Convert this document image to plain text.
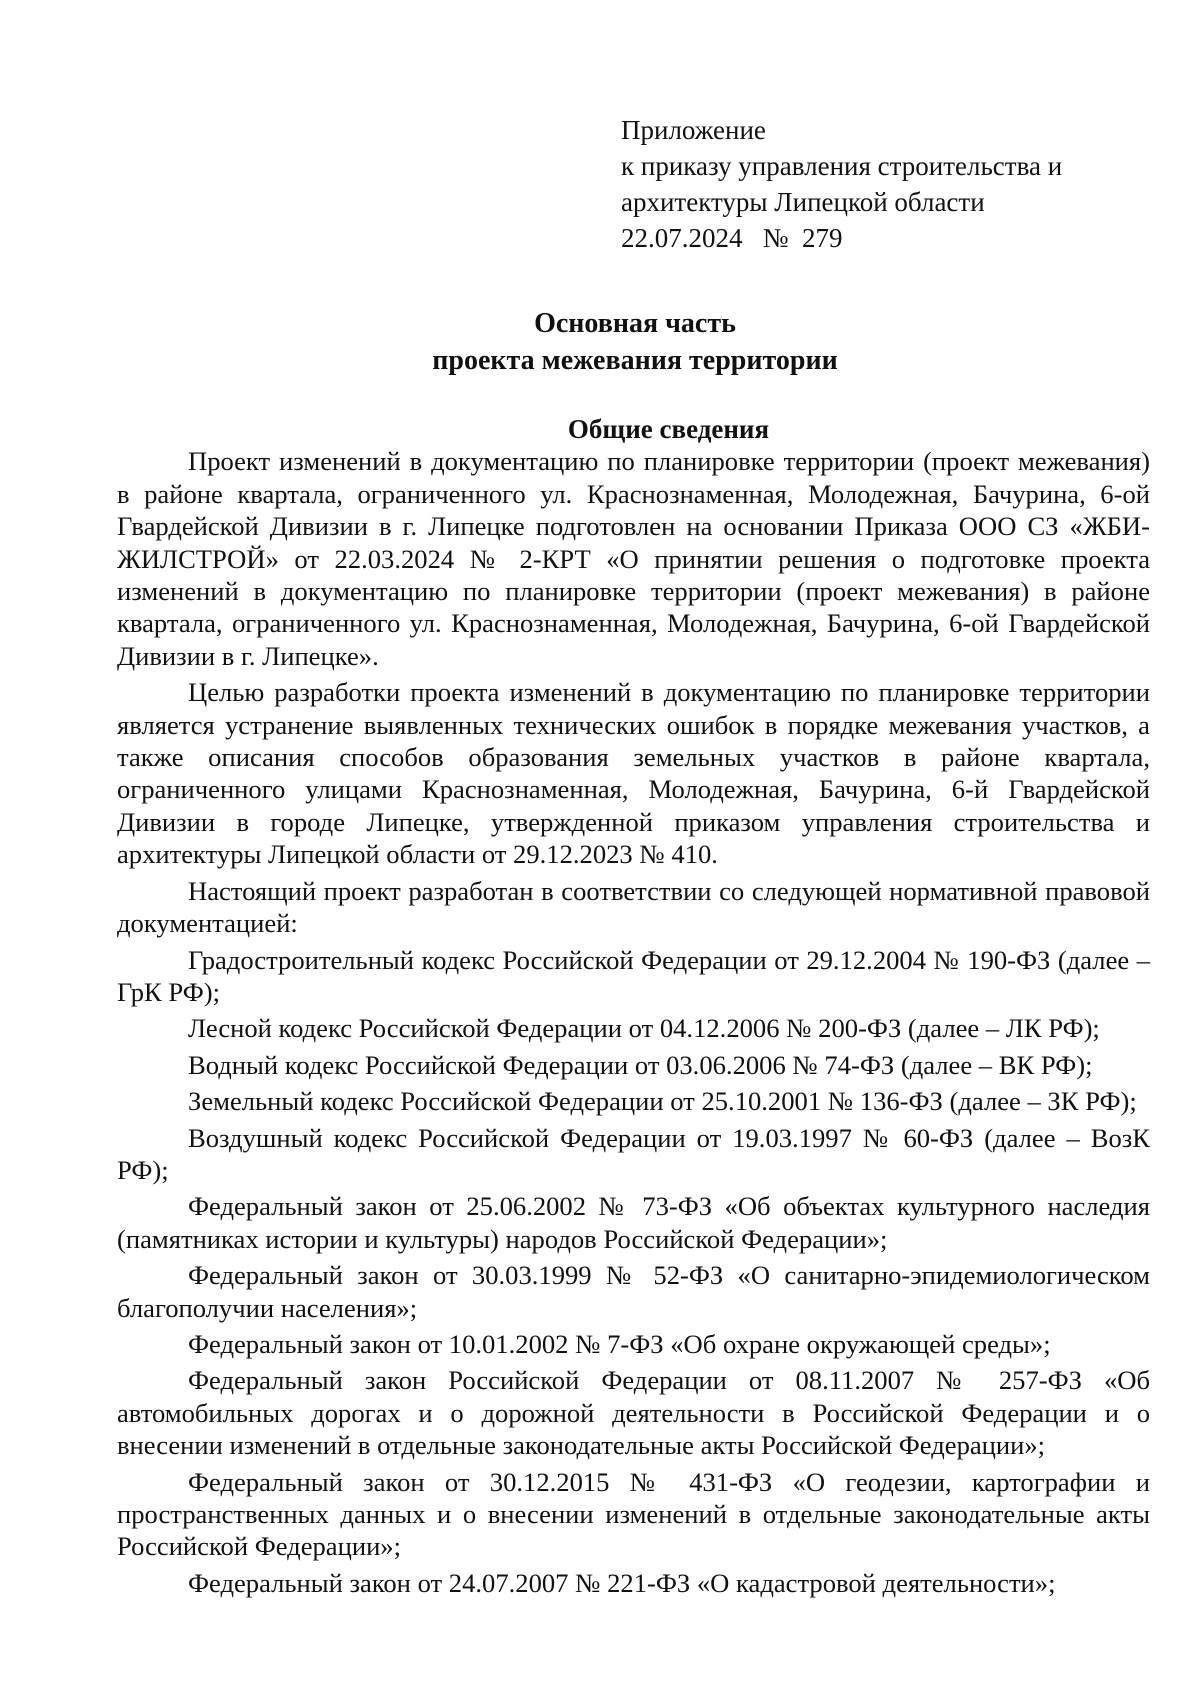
Приложение
к приказу управления строительства и
архитектуры Липецкой области
22.07.2024   №  279
Основная часть
проекта межевания территории
Общие сведения

Проект изменений в документацию по планировке территории (проект межевания) в районе квартала, ограниченного ул. Краснознаменная, Молодежная, Бачурина, 6-ой Гвардейской Дивизии в г. Липецке подготовлен на основании Приказа ООО СЗ «ЖБИ-ЖИЛСТРОЙ» от 22.03.2024 № 2-КРТ «О принятии решения о подготовке проекта изменений в документацию по планировке территории (проект межевания) в районе квартала, ограниченного ул. Краснознаменная, Молодежная, Бачурина, 6-ой Гвардейской Дивизии в г. Липецке».

Целью разработки проекта изменений в документацию по планировке территории является устранение выявленных технических ошибок в порядке межевания участков, а также описания способов образования земельных участков в районе квартала, ограниченного улицами Краснознаменная, Молодежная, Бачурина, 6-й Гвардейской Дивизии в городе Липецке, утвержденной приказом управления строительства и архитектуры Липецкой области от 29.12.2023 № 410.

Настоящий проект разработан в соответствии со следующей нормативной правовой документацией:

Градостроительный кодекс Российской Федерации от 29.12.2004 № 190-ФЗ (далее – ГрК РФ);

Лесной кодекс Российской Федерации от 04.12.2006 № 200-ФЗ (далее – ЛК РФ);

Водный кодекс Российской Федерации от 03.06.2006 № 74-ФЗ (далее – ВК РФ);

Земельный кодекс Российской Федерации от 25.10.2001 № 136-ФЗ (далее – ЗК РФ);

Воздушный кодекс Российской Федерации от 19.03.1997 № 60-ФЗ (далее – ВозК РФ);

Федеральный закон от 25.06.2002 № 73-ФЗ «Об объектах культурного наследия (памятниках истории и культуры) народов Российской Федерации»;

Федеральный закон от 30.03.1999 № 52-ФЗ «О санитарно-эпидемиологическом благополучии населения»;

Федеральный закон от 10.01.2002 № 7-ФЗ «Об охране окружающей среды»;

Федеральный закон Российской Федерации от 08.11.2007 № 257-ФЗ «Об автомобильных дорогах и о дорожной деятельности в Российской Федерации и о внесении изменений в отдельные законодательные акты Российской Федерации»;

Федеральный закон от 30.12.2015 № 431-ФЗ «О геодезии, картографии и пространственных данных и о внесении изменений в отдельные законодательные акты Российской Федерации»;

Федеральный закон от 24.07.2007 № 221-ФЗ «О кадастровой деятельности»;
